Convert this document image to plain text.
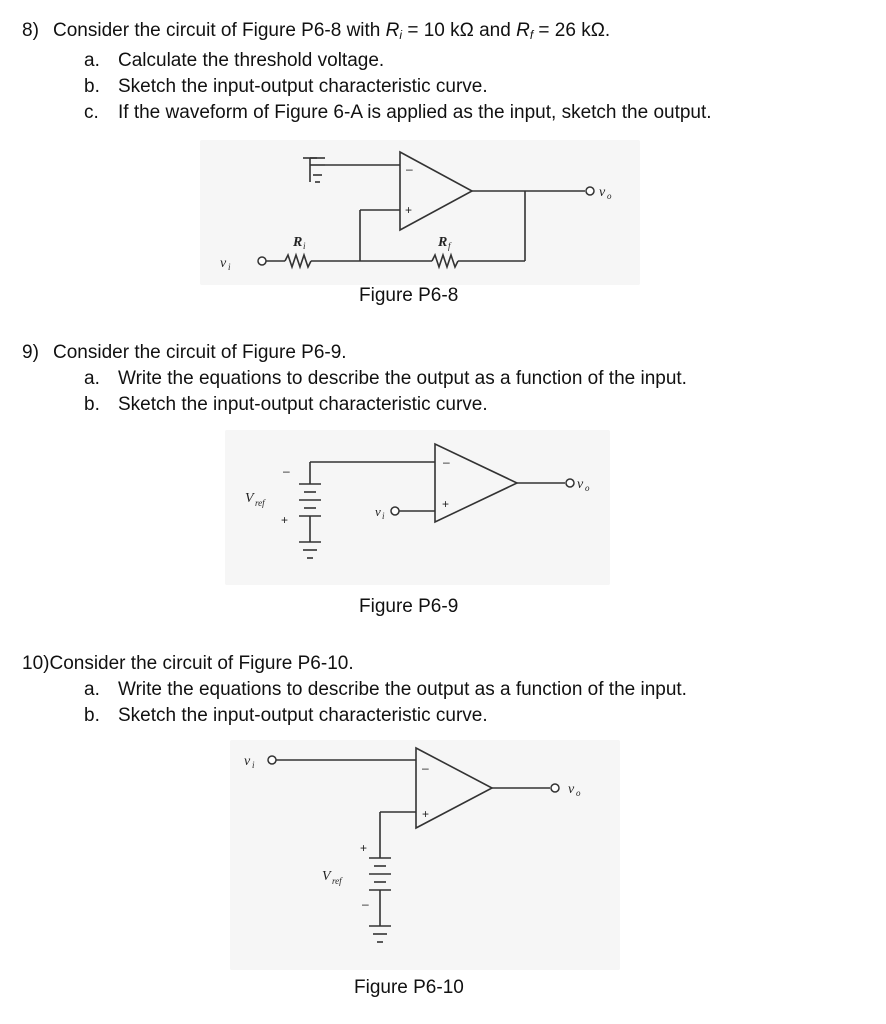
8) Consider the circuit of Figure P6-8 with $R_i = 10$ kΩ and $R_f = 26$ kΩ.
a. Calculate the threshold voltage.
b. Sketch the input-output characteristic curve.
c.	If the waveform of Figure 6-A is applied as the input, sketch the output.
–
+
v i
v o
R i	R f
Figure P6-8
9) Consider the circuit of Figure P6-9.
a. Write the equations to describe the output as a function of the input.
b. Sketch the input-output characteristic curve.
–
+
V ref
–
+
v i
v o
Figure P6-9
10)Consider the circuit of Figure P6-10.
a. Write the equations to describe the output as a function of the input.
b. Sketch the input-output characteristic curve.
v i	–
+
v o
+
–
V ref
Figure P6-10
